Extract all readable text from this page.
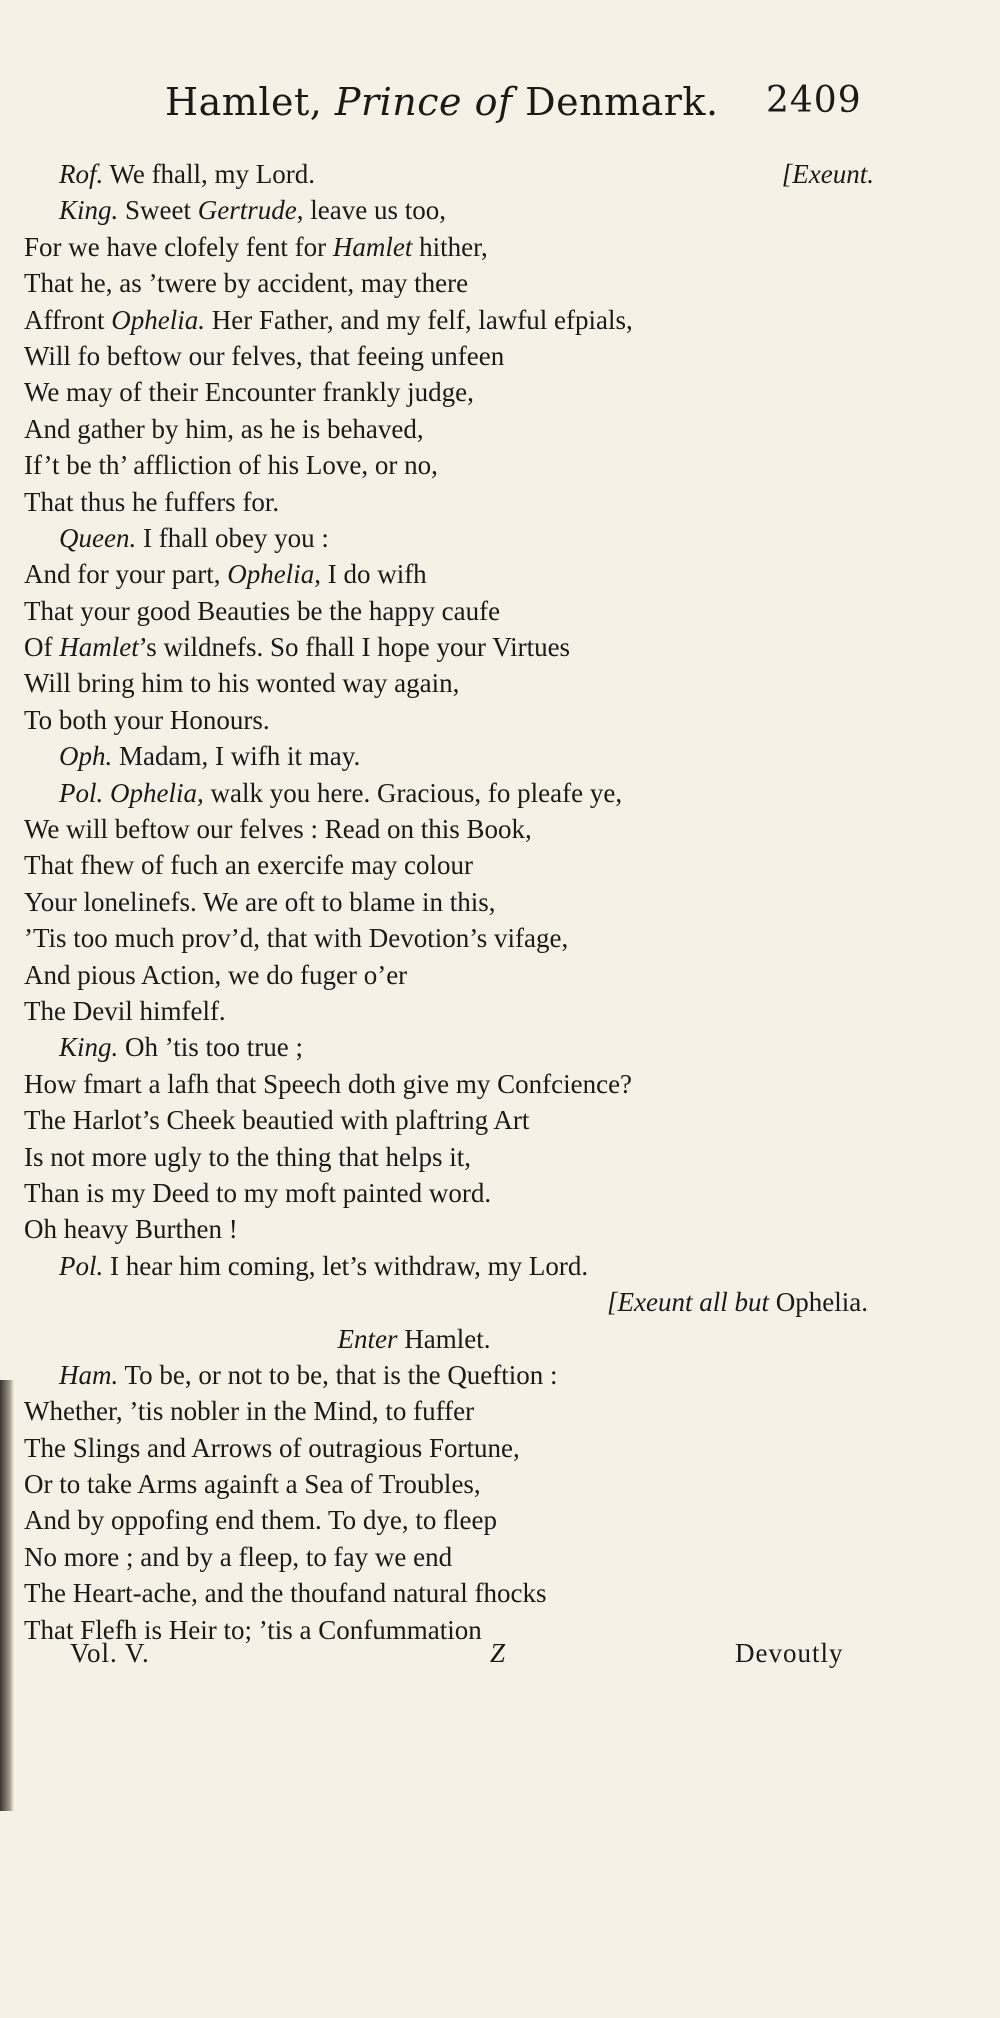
Hamlet, Prince of Denmark. 2409
Rof. We fhall, my Lord.	[Exeunt.
King. Sweet Gertrude, leave us too,
For we have clofely fent for Hamlet hither,
That he, as ’twere by accident, may there
Affront Ophelia. Her Father, and my felf, lawful efpials,
Will fo beftow our felves, that feeing unfeen
We may of their Encounter frankly judge,
And gather by him, as he is behaved,
If’t be th’ affliction of his Love, or no,
That thus he fuffers for.
Queen. I fhall obey you :
And for your part, Ophelia, I do wifh
That your good Beauties be the happy caufe
Of Hamlet’s wildnefs. So fhall I hope your Virtues
Will bring him to his wonted way again,
To both your Honours.
Oph. Madam, I wifh it may.
Pol. Ophelia, walk you here. Gracious, fo pleafe ye,
We will beftow our felves : Read on this Book,
That fhew of fuch an exercife may colour
Your lonelinefs. We are oft to blame in this,
’Tis too much prov’d, that with Devotion’s vifage,
And pious Action, we do fuger o’er
The Devil himfelf.
King. Oh ’tis too true ;
How fmart a lafh that Speech doth give my Confcience?
The Harlot’s Cheek beautied with plaftring Art
Is not more ugly to the thing that helps it,
Than is my Deed to my moft painted word.
Oh heavy Burthen !
Pol. I hear him coming, let’s withdraw, my Lord.
[Exeunt all but Ophelia.
Enter Hamlet.
Ham. To be, or not to be, that is the Queftion :
Whether, ’tis nobler in the Mind, to fuffer
The Slings and Arrows of outragious Fortune,
Or to take Arms againft a Sea of Troubles,
And by oppofing end them. To dye, to fleep
No more ; and by a fleep, to fay we end
The Heart-ache, and the thoufand natural fhocks
That Flefh is Heir to; ’tis a Confummation
Vol. V.	Z	Devoutly
